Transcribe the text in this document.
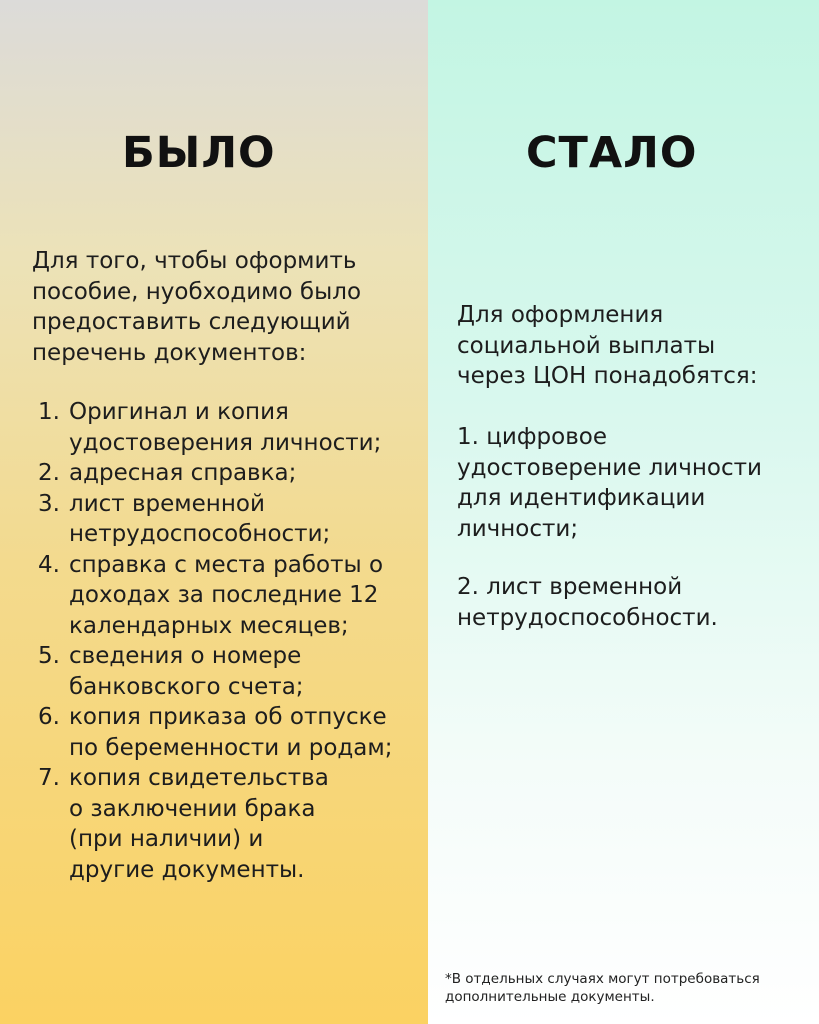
БЫЛО
Для того, чтобы оформить
пособие, нуобходимо было
предоставить следующий
перечень документов:
1. Оригинал и копия
удостоверения личности;
2. адресная справка;
3. лист временной
нетрудоспособности;
4. справка с места работы о
доходах за последние 12
календарных месяцев;
5. сведения о номере
банковского счета;
6. копия приказа об отпуске
по беременности и родам;
7. копия свидетельства
о заключении брака
(при наличии) и
другие документы.
СТАЛО
Для оформления
социальной выплаты
через ЦОН понадобятся:
1. цифровое
удостоверение личности
для идентификации
личности;
2. лист временной
нетрудоспособности.
*В отдельных случаях могут потребоваться
дополнительные документы.
